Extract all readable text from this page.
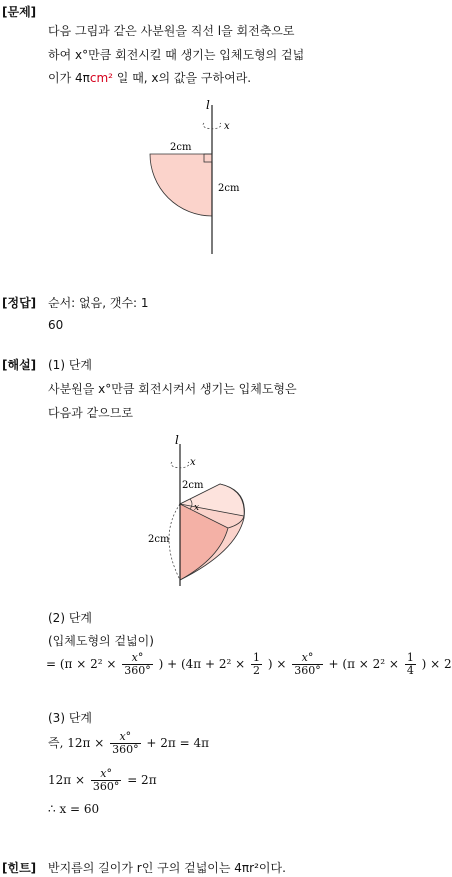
[문제]
다음 그림과 같은 사분원을 직선 l을 회전축으로
하여 x°만큼 회전시킬 때 생기는 입체도형의 겉넓
이가 4πcm² 일 때, x의 값을 구하여라.
l
x
2cm
2cm
[정답] 순서: 없음, 갯수: 1
60
[해설] (1) 단계
사분원을 x°만큼 회전시켜서 생기는 입체도형은
다음과 같으므로
l
x
2cm
x
2cm
(2) 단계
(입체도형의 겉넓이)
= ($\pi \times 2^2 \times \frac{x^\circ}{360^\circ}$ ) + ($4\pi + 2^2 \times \frac{1}{2}$ ) × $\frac{x^\circ}{360^\circ} + (\pi \times 2^2 \times \frac{1}{4}$ ) × 2
(3) 단계
즉, $12\pi \times \frac{x^\circ}{360^\circ} + 2\pi = 4\pi$
$12\pi \times \frac{x^\circ}{360^\circ} = 2\pi$
∴ x = 60
[힌트] 반지름의 길이가 r인 구의 겉넓이는 4πr²이다.
